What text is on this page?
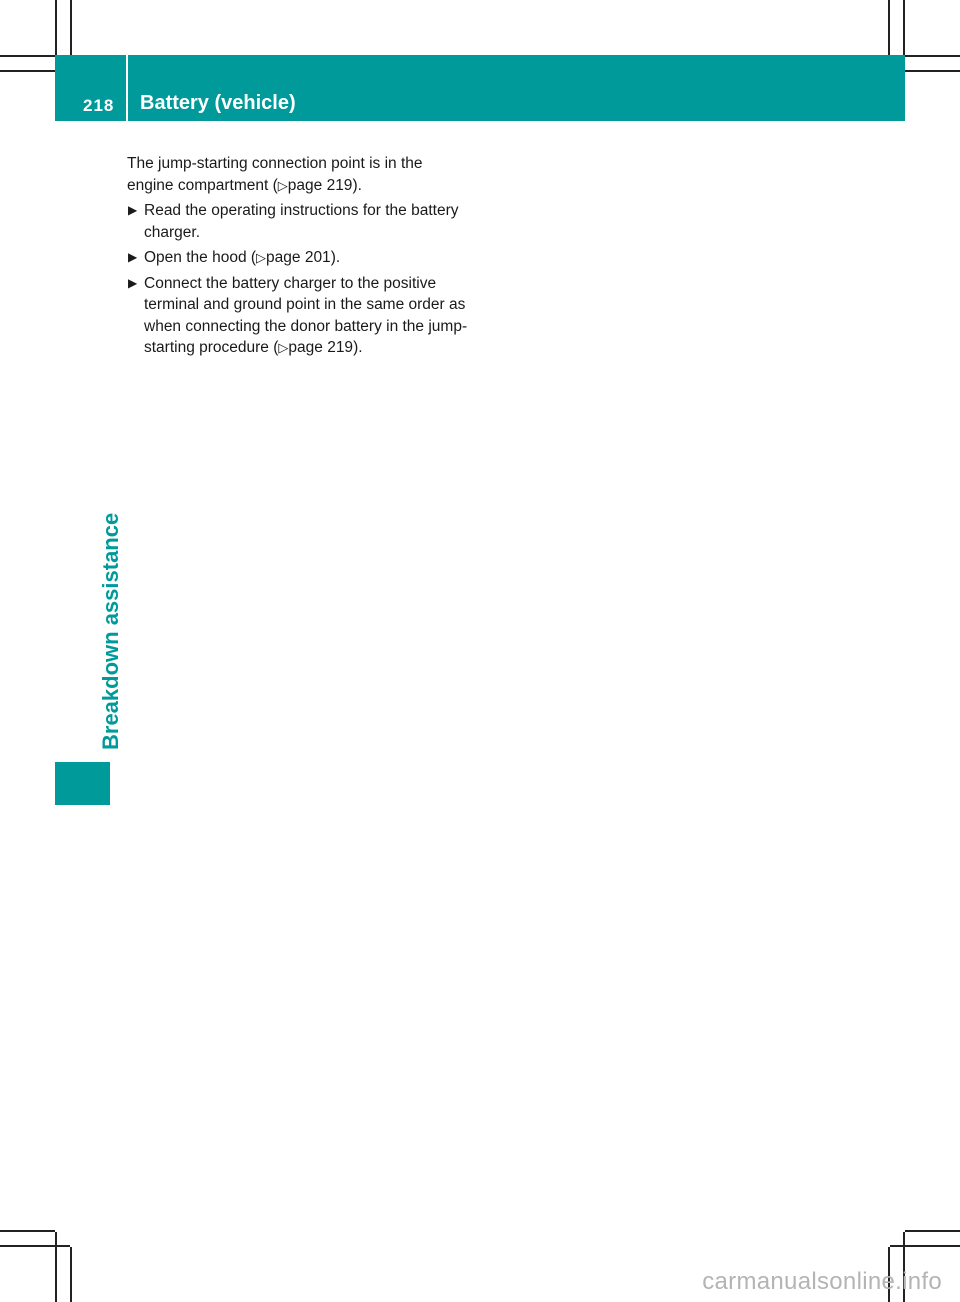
218 Battery (vehicle)
Breakdown assistance

The jump-starting connection point is in the engine compartment (▷page 219).

▶ Read the operating instructions for the battery charger.
▶ Open the hood (▷page 201).
▶ Connect the battery charger to the positive terminal and ground point in the same order as when connecting the donor battery in the jump-starting procedure (▷page 219).
carmanualsonline.info
